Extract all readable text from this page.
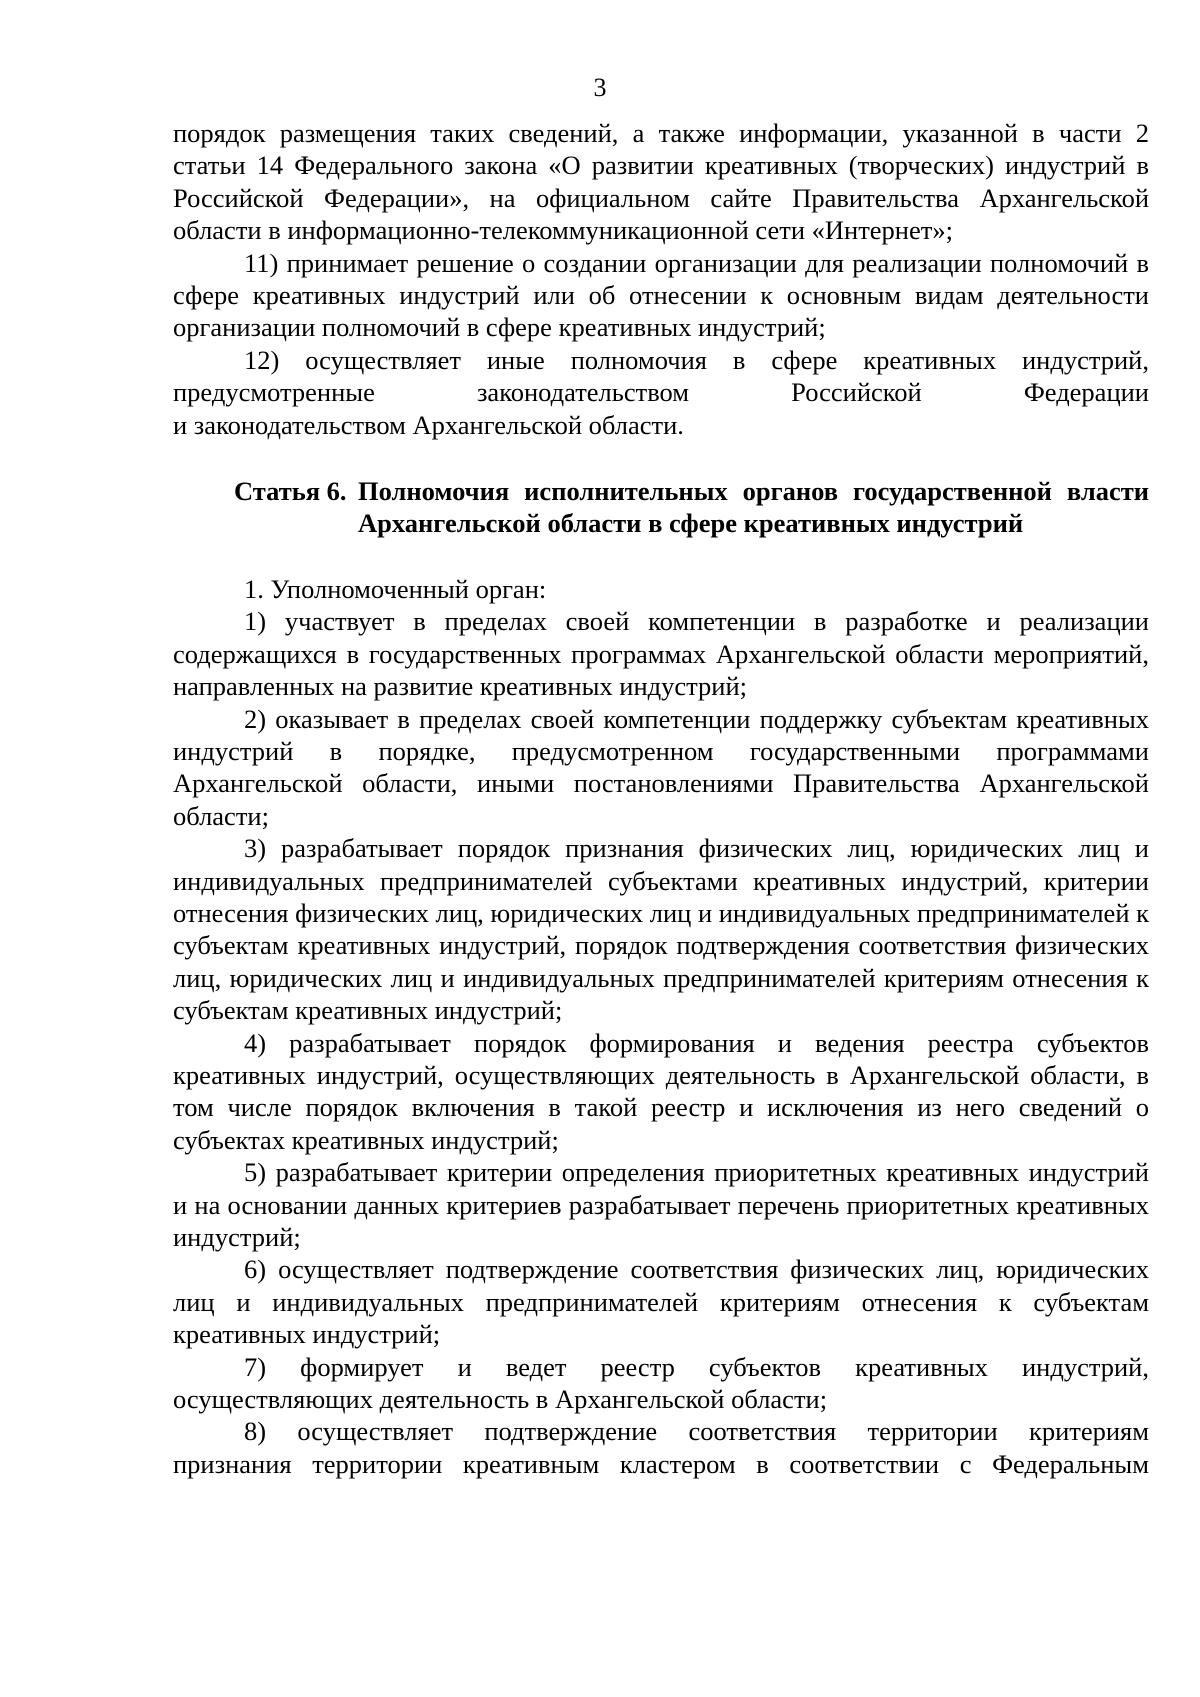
3

порядок размещения таких сведений, а также информации, указанной в части 2 статьи 14 Федерального закона «О развитии креативных (творческих) индустрий в Российской Федерации», на официальном сайте Правительства Архангельской области в информационно-телекоммуникационной сети «Интернет»;

11) принимает решение о создании организации для реализации полномочий в сфере креативных индустрий или об отнесении к основным видам деятельности организации полномочий в сфере креативных индустрий;

12) осуществляет иные полномочия в сфере креативных индустрий, предусмотренные законодательством Российской Федерации

и законодательством Архангельской области.

Статья 6. Полномочия исполнительных органов государственной власти Архангельской области в сфере креативных индустрий

1. Уполномоченный орган:

1) участвует в пределах своей компетенции в разработке и реализации содержащихся в государственных программах Архангельской области мероприятий, направленных на развитие креативных индустрий;

2) оказывает в пределах своей компетенции поддержку субъектам креативных индустрий в порядке, предусмотренном государственными программами Архангельской области, иными постановлениями Правительства Архангельской области;

3) разрабатывает порядок признания физических лиц, юридических лиц и индивидуальных предпринимателей субъектами креативных индустрий, критерии отнесения физических лиц, юридических лиц и индивидуальных предпринимателей к субъектам креативных индустрий, порядок подтверждения соответствия физических лиц, юридических лиц и индивидуальных предпринимателей критериям отнесения к субъектам креативных индустрий;

4) разрабатывает порядок формирования и ведения реестра субъектов креативных индустрий, осуществляющих деятельность в Архангельской области, в том числе порядок включения в такой реестр и исключения из него сведений о субъектах креативных индустрий;

5) разрабатывает критерии определения приоритетных креативных индустрий и на основании данных критериев разрабатывает перечень приоритетных креативных индустрий;

6) осуществляет подтверждение соответствия физических лиц, юридических лиц и индивидуальных предпринимателей критериям отнесения к субъектам креативных индустрий;

7) формирует и ведет реестр субъектов креативных индустрий, осуществляющих деятельность в Архангельской области;

8) осуществляет подтверждение соответствия территории критериям признания территории креативным кластером в соответствии с Федеральным
